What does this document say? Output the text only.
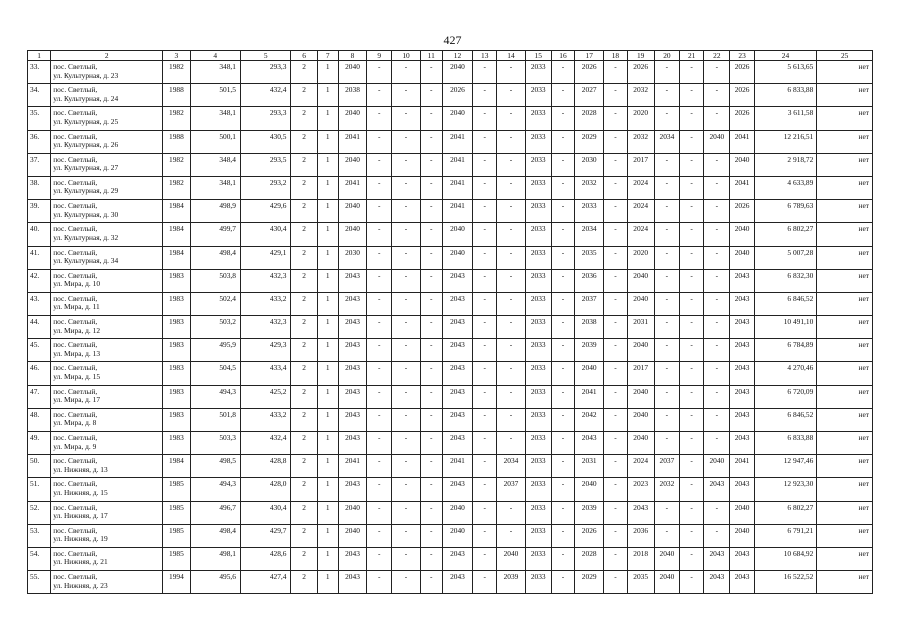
427
1	2	3	4	5	6	7	8	9	10	11	12	13	14	15	16	17	18	19	20	21	22	23	24	25
33.	пос. Светлый,
ул. Культурная, д. 23	1982	348,1	293,3	2	1	2040	-	-	-	2040	-	-	2033	-	2026	-	2026	-	-	-	2026	5 613,65	нет
34.	пос. Светлый,
ул. Культурная, д. 24	1988	501,5	432,4	2	1	2038	-	-	-	2026	-	-	2033	-	2027	-	2032	-	-	-	2026	6 833,88	нет
35.	пос. Светлый,
ул. Культурная, д. 25	1982	348,1	293,3	2	1	2040	-	-	-	2040	-	-	2033	-	2028	-	2020	-	-	-	2026	3 611,58	нет
36.	пос. Светлый,
ул. Культурная, д. 26	1988	500,1	430,5	2	1	2041	-	-	-	2041	-	-	2033	-	2029	-	2032	2034	-	2040	2041	12 216,51	нет
37.	пос. Светлый,
ул. Культурная, д. 27	1982	348,4	293,5	2	1	2040	-	-	-	2041	-	-	2033	-	2030	-	2017	-	-	-	2040	2 918,72	нет
38.	пос. Светлый,
ул. Культурная, д. 29	1982	348,1	293,2	2	1	2041	-	-	-	2041	-	-	2033	-	2032	-	2024	-	-	-	2041	4 633,89	нет
39.	пос. Светлый,
ул. Культурная, д. 30	1984	498,9	429,6	2	1	2040	-	-	-	2041	-	-	2033	-	2033	-	2024	-	-	-	2026	6 789,63	нет
40.	пос. Светлый,
ул. Культурная, д. 32	1984	499,7	430,4	2	1	2040	-	-	-	2040	-	-	2033	-	2034	-	2024	-	-	-	2040	6 802,27	нет
41.	пос. Светлый,
ул. Культурная, д. 34	1984	498,4	429,1	2	1	2030	-	-	-	2040	-	-	2033	-	2035	-	2020	-	-	-	2040	5 007,28	нет
42.	пос. Светлый,
ул. Мира, д. 10	1983	503,8	432,3	2	1	2043	-	-	-	2043	-	-	2033	-	2036	-	2040	-	-	-	2043	6 832,30	нет
43.	пос. Светлый,
ул. Мира, д. 11	1983	502,4	433,2	2	1	2043	-	-	-	2043	-	-	2033	-	2037	-	2040	-	-	-	2043	6 846,52	нет
44.	пос. Светлый,
ул. Мира, д. 12	1983	503,2	432,3	2	1	2043	-	-	-	2043	-	-	2033	-	2038	-	2031	-	-	-	2043	10 491,10	нет
45.	пос. Светлый,
ул. Мира, д. 13	1983	495,9	429,3	2	1	2043	-	-	-	2043	-	-	2033	-	2039	-	2040	-	-	-	2043	6 784,89	нет
46.	пос. Светлый,
ул. Мира, д. 15	1983	504,5	433,4	2	1	2043	-	-	-	2043	-	-	2033	-	2040	-	2017	-	-	-	2043	4 270,46	нет
47.	пос. Светлый,
ул. Мира, д. 17	1983	494,3	425,2	2	1	2043	-	-	-	2043	-	-	2033	-	2041	-	2040	-	-	-	2043	6 720,09	нет
48.	пос. Светлый,
ул. Мира, д. 8	1983	501,8	433,2	2	1	2043	-	-	-	2043	-	-	2033	-	2042	-	2040	-	-	-	2043	6 846,52	нет
49.	пос. Светлый,
ул. Мира, д. 9	1983	503,3	432,4	2	1	2043	-	-	-	2043	-	-	2033	-	2043	-	2040	-	-	-	2043	6 833,88	нет
50.	пос. Светлый,
ул. Нижняя, д. 13	1984	498,5	428,8	2	1	2041	-	-	-	2041	-	2034	2033	-	2031	-	2024	2037	-	2040	2041	12 947,46	нет
51.	пос. Светлый,
ул. Нижняя, д. 15	1985	494,3	428,0	2	1	2043	-	-	-	2043	-	2037	2033	-	2040	-	2023	2032	-	2043	2043	12 923,30	нет
52.	пос. Светлый,
ул. Нижняя, д. 17	1985	496,7	430,4	2	1	2040	-	-	-	2040	-	-	2033	-	2039	-	2043	-	-	-	2040	6 802,27	нет
53.	пос. Светлый,
ул. Нижняя, д. 19	1985	498,4	429,7	2	1	2040	-	-	-	2040	-	-	2033	-	2026	-	2036	-	-	-	2040	6 791,21	нет
54.	пос. Светлый,
ул. Нижняя, д. 21	1985	498,1	428,6	2	1	2043	-	-	-	2043	-	2040	2033	-	2028	-	2018	2040	-	2043	2043	10 684,92	нет
55.	пос. Светлый,
ул. Нижняя, д. 23	1994	495,6	427,4	2	1	2043	-	-	-	2043	-	2039	2033	-	2029	-	2035	2040	-	2043	2043	16 522,52	нет
